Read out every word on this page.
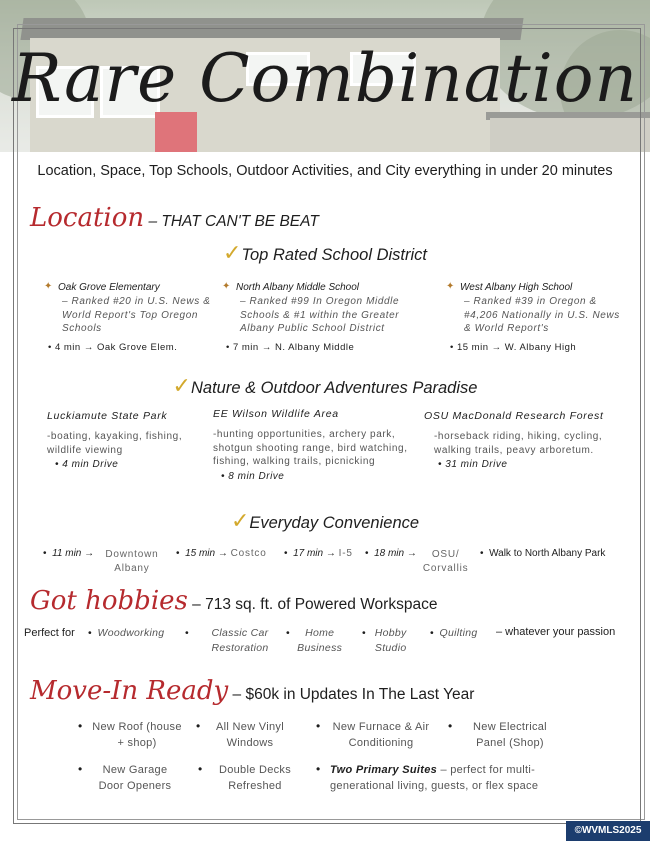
Rare Combination
Location, Space, Top Schools, Outdoor Activities, and City everything in under 20 minutes
Location – THAT CAN'T BE BEAT
✓Top Rated School District
✦ Oak Grove Elementary
– Ranked #20 in U.S. News & World Report's Top Oregon Schools
• 4 min → Oak Grove Elem.
✦ North Albany Middle School
– Ranked #99 In Oregon Middle Schools & #1 within the Greater Albany Public School District
• 7 min → N. Albany Middle
✦ West Albany High School
– Ranked #39 in Oregon & #4,206 Nationally in U.S. News & World Report's
• 15 min → W. Albany High
✓Nature & Outdoor Adventures Paradise
Luckiamute State Park
-boating, kayaking, fishing, wildlife viewing
• 4 min Drive
EE Wilson Wildlife Area
-hunting opportunities, archery park, shotgun shooting range, bird watching, fishing, walking trails, picnicking
• 8 min Drive
OSU MacDonald Research Forest
-horseback riding, hiking, cycling, walking trails, peavy arboretum.
• 31 min Drive
✓Everyday Convenience
• 11 min → Downtown Albany
• 15 min → Costco • 17 min → I-5 • 18 min → OSU/ Corvallis
• Walk to North Albany Park
Got hobbies – 713 sq. ft. of Powered Workspace
Perfect for • Woodworking • Classic Car Restoration
• Home Business
• Hobby Studio
• Quilting – whatever your passion
Move-In Ready – $60k in Updates In The Last Year
• New Roof (house + shop)
• All New Vinyl Windows
• New Furnace & Air Conditioning
• New Electrical Panel (Shop)
• New Garage Door Openers
• Double Decks Refreshed
• Two Primary Suites – perfect for multi-generational living, guests, or flex space
©WVMLS2025
